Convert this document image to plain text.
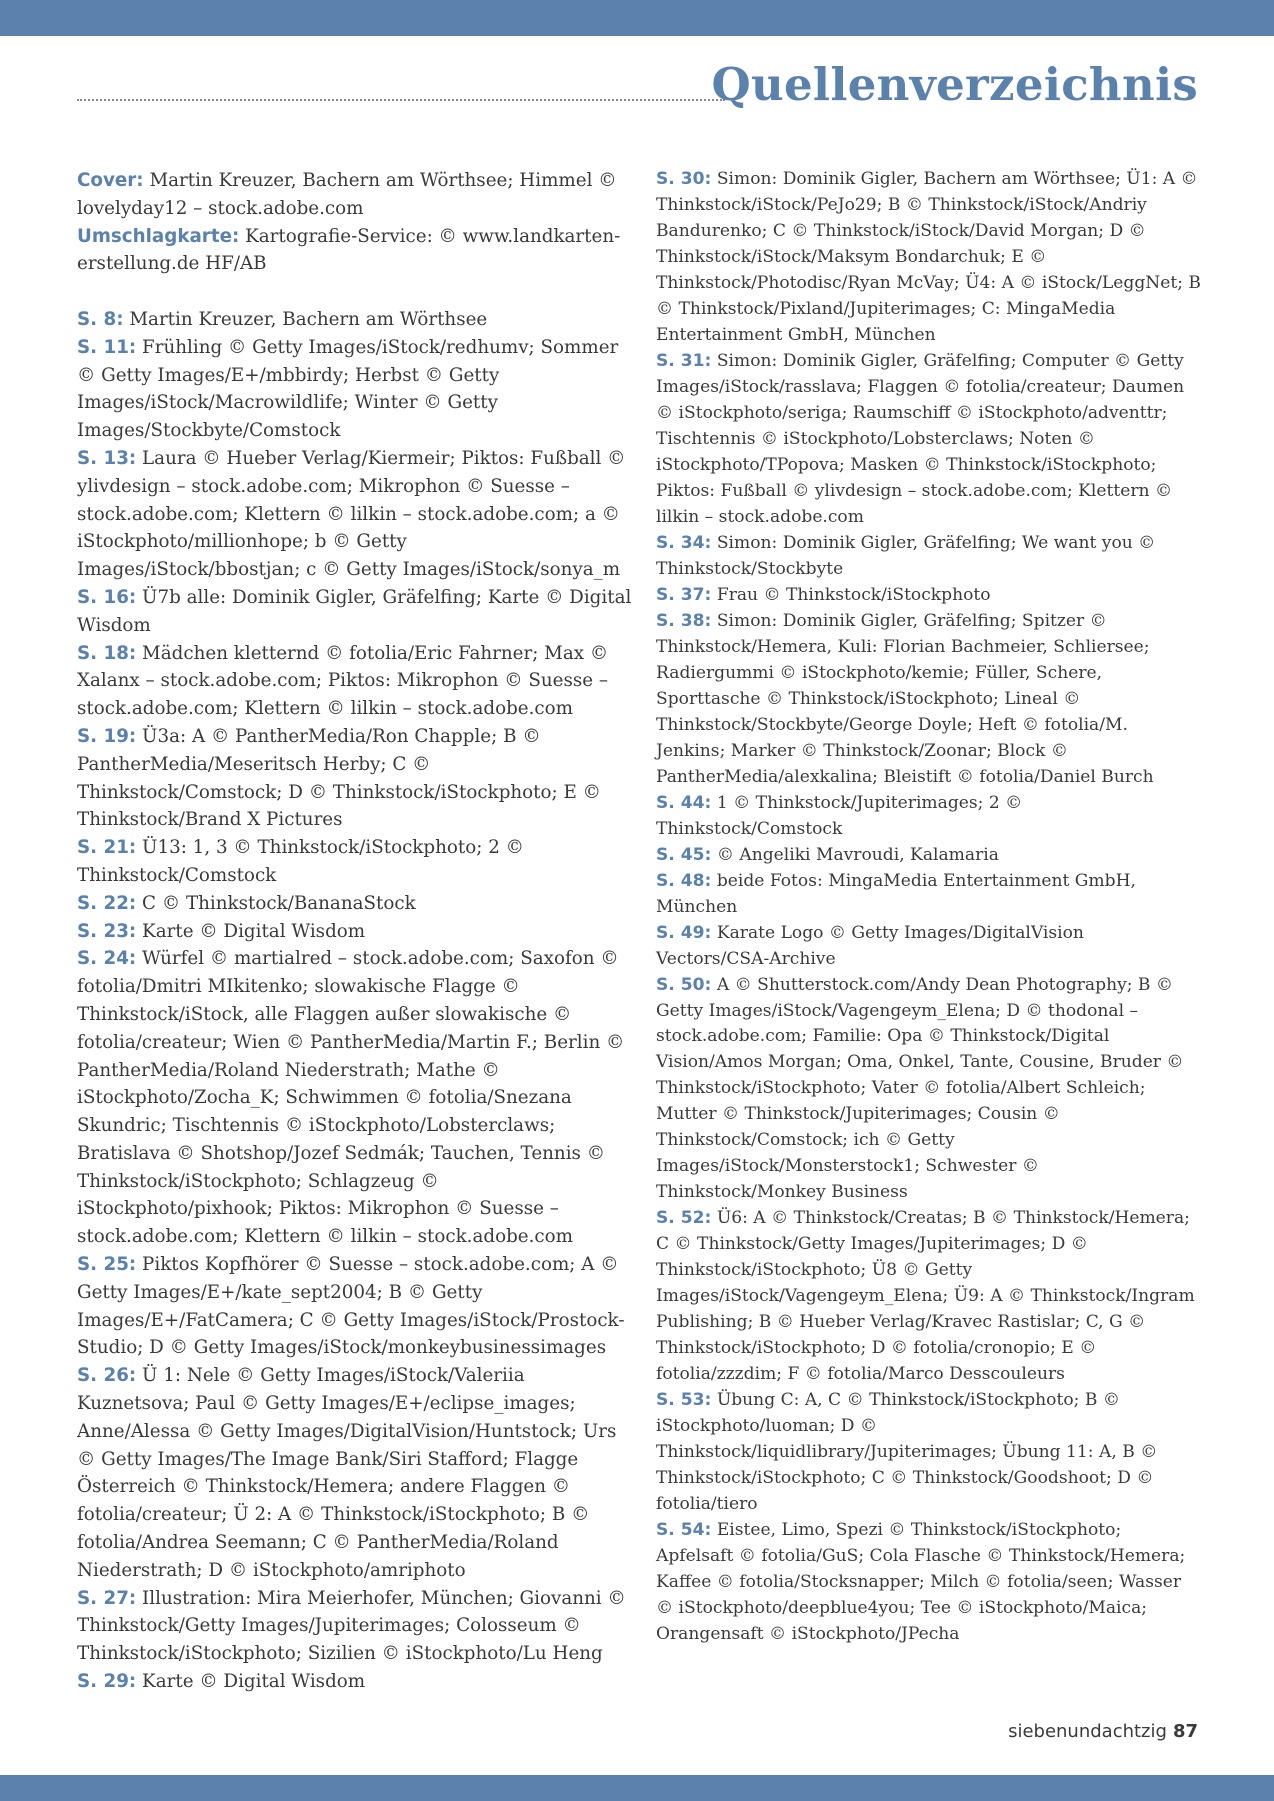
Quellenverzeichnis

Cover: Martin Kreuzer, Bachern am Wörthsee; Himmel © lovelyday12 – stock.adobe.com

Umschlagkarte: Kartografie-Service: © www.landkarten-erstellung.de HF/AB

S. 8: Martin Kreuzer, Bachern am Wörthsee

S. 11: Frühling © Getty Images/iStock/redhumv; Sommer © Getty Images/E+/mbbirdy; Herbst © Getty Images/iStock/Macrowildlife; Winter © Getty Images/Stockbyte/Comstock

S. 13: Laura © Hueber Verlag/Kiermeir; Piktos: Fußball © ylivdesign – stock.adobe.com; Mikrophon © Suesse – stock.adobe.com; Klettern © lilkin – stock.adobe.com; a © iStockphoto/millionhope; b © Getty Images/iStock/bbostjan; c © Getty Images/iStock/sonya_m

S. 16: Ü7b alle: Dominik Gigler, Gräfelfing; Karte © Digital Wisdom

S. 18: Mädchen kletternd © fotolia/Eric Fahrner; Max © Xalanx – stock.adobe.com; Piktos: Mikrophon © Suesse – stock.adobe.com; Klettern © lilkin – stock.adobe.com

S. 19: Ü3a: A © PantherMedia/Ron Chapple; B © PantherMedia/Meseritsch Herby; C © Thinkstock/Comstock; D © Thinkstock/iStockphoto; E © Thinkstock/Brand X Pictures

S. 21: Ü13: 1, 3 © Thinkstock/iStockphoto; 2 © Thinkstock/Comstock

S. 22: C © Thinkstock/BananaStock

S. 23: Karte © Digital Wisdom

S. 24: Würfel © martialred – stock.adobe.com; Saxofon © fotolia/Dmitri MIkitenko; slowakische Flagge © Thinkstock/iStock, alle Flaggen außer slowakische © fotolia/createur; Wien © PantherMedia/Martin F.; Berlin © PantherMedia/Roland Niederstrath; Mathe © iStockphoto/Zocha_K; Schwimmen © fotolia/Snezana Skundric; Tischtennis © iStockphoto/Lobsterclaws; Bratislava © Shotshop/Jozef Sedmák; Tauchen, Tennis © Thinkstock/iStockphoto; Schlagzeug © iStockphoto/pixhook; Piktos: Mikrophon © Suesse – stock.adobe.com; Klettern © lilkin – stock.adobe.com

S. 25: Piktos Kopfhörer © Suesse – stock.adobe.com; A © Getty Images/E+/kate_sept2004; B © Getty Images/E+/FatCamera; C © Getty Images/iStock/Prostock-Studio; D © Getty Images/iStock/monkeybusinessimages

S. 26: Ü 1: Nele © Getty Images/iStock/Valeriia Kuznetsova; Paul © Getty Images/E+/eclipse_images; Anne/Alessa © Getty Images/DigitalVision/Huntstock; Urs © Getty Images/The Image Bank/Siri Stafford; Flagge Österreich © Thinkstock/Hemera; andere Flaggen © fotolia/createur; Ü 2: A © Thinkstock/iStockphoto; B © fotolia/Andrea Seemann; C © PantherMedia/Roland Niederstrath; D © iStockphoto/amriphoto

S. 27: Illustration: Mira Meierhofer, München; Giovanni © Thinkstock/Getty Images/Jupiterimages; Colosseum © Thinkstock/iStockphoto; Sizilien © iStockphoto/Lu Heng

S. 29: Karte © Digital Wisdom

S. 30: Simon: Dominik Gigler, Bachern am Wörthsee; Ü1: A © Thinkstock/iStock/PeJo29; B © Thinkstock/iStock/Andriy Bandurenko; C © Thinkstock/iStock/David Morgan; D © Thinkstock/iStock/Maksym Bondarchuk; E © Thinkstock/Photodisc/Ryan McVay; Ü4: A © iStock/LeggNet; B © Thinkstock/Pixland/Jupiterimages; C: MingaMedia Entertainment GmbH, München

S. 31: Simon: Dominik Gigler, Gräfelfing; Computer © Getty Images/iStock/rasslava; Flaggen © fotolia/createur; Daumen © iStockphoto/seriga; Raumschiff © iStockphoto/adventtr; Tischtennis © iStockphoto/Lobsterclaws; Noten © iStockphoto/TPopova; Masken © Thinkstock/iStockphoto; Piktos: Fußball © ylivdesign – stock.adobe.com; Klettern © lilkin – stock.adobe.com

S. 34: Simon: Dominik Gigler, Gräfelfing; We want you © Thinkstock/Stockbyte

S. 37: Frau © Thinkstock/iStockphoto

S. 38: Simon: Dominik Gigler, Gräfelfing; Spitzer © Thinkstock/Hemera, Kuli: Florian Bachmeier, Schliersee; Radiergummi © iStockphoto/kemie; Füller, Schere, Sporttasche © Thinkstock/iStockphoto; Lineal © Thinkstock/Stockbyte/George Doyle; Heft © fotolia/M. Jenkins; Marker © Thinkstock/Zoonar; Block © PantherMedia/alexkalina; Bleistift © fotolia/Daniel Burch

S. 44: 1 © Thinkstock/Jupiterimages; 2 © Thinkstock/Comstock

S. 45: © Angeliki Mavroudi, Kalamaria

S. 48: beide Fotos: MingaMedia Entertainment GmbH, München

S. 49: Karate Logo © Getty Images/DigitalVision Vectors/CSA-Archive

S. 50: A © Shutterstock.com/Andy Dean Photography; B © Getty Images/iStock/Vagengeym_Elena; D © thodonal – stock.adobe.com; Familie: Opa © Thinkstock/Digital Vision/Amos Morgan; Oma, Onkel, Tante, Cousine, Bruder © Thinkstock/iStockphoto; Vater © fotolia/Albert Schleich; Mutter © Thinkstock/Jupiterimages; Cousin © Thinkstock/Comstock; ich © Getty Images/iStock/Monsterstock1; Schwester © Thinkstock/Monkey Business

S. 52: Ü6: A © Thinkstock/Creatas; B © Thinkstock/Hemera; C © Thinkstock/Getty Images/Jupiterimages; D © Thinkstock/iStockphoto; Ü8 © Getty Images/iStock/Vagengeym_Elena; Ü9: A © Thinkstock/Ingram Publishing; B © Hueber Verlag/Kravec Rastislar; C, G © Thinkstock/iStockphoto; D © fotolia/cronopio; E © fotolia/zzzdim; F © fotolia/Marco Desscouleurs

S. 53: Übung C: A, C © Thinkstock/iStockphoto; B © iStockphoto/luoman; D © Thinkstock/liquidlibrary/Jupiterimages; Übung 11: A, B © Thinkstock/iStockphoto; C © Thinkstock/Goodshoot; D © fotolia/tiero

S. 54: Eistee, Limo, Spezi © Thinkstock/iStockphoto; Apfelsaft © fotolia/GuS; Cola Flasche © Thinkstock/Hemera; Kaffee © fotolia/Stocksnapper; Milch © fotolia/seen; Wasser © iStockphoto/deepblue4you; Tee © iStockphoto/Maica; Orangensaft © iStockphoto/JPecha

siebenundachtzig 87
